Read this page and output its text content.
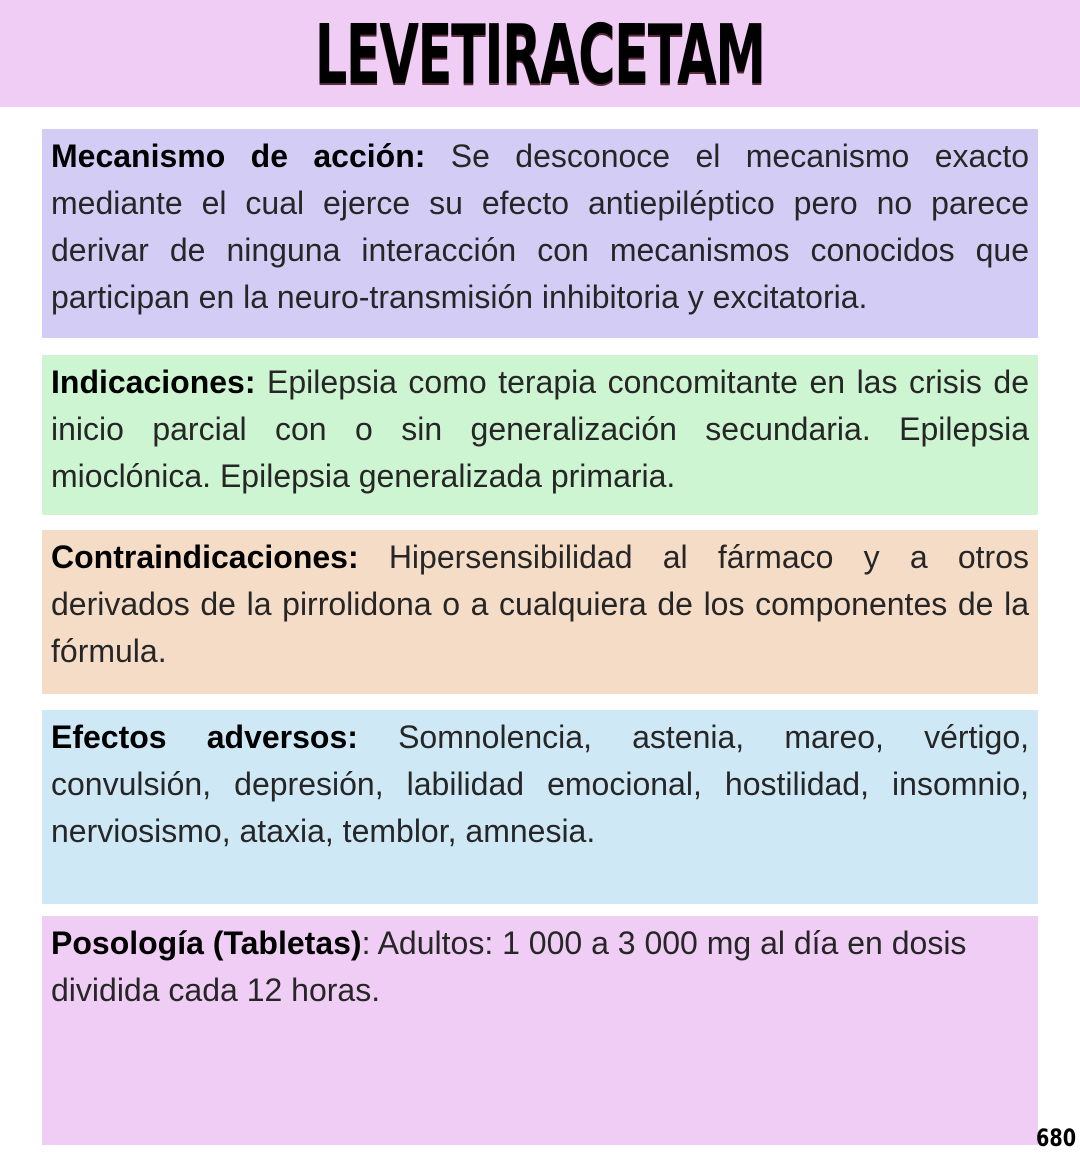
LEVETIRACETAM
Mecanismo de acción: Se desconoce el mecanismo exacto mediante el cual ejerce su efecto antiepiléptico pero no parece derivar de ninguna interacción con mecanismos conocidos que participan en la neuro-transmisión inhibitoria y excitatoria.
Indicaciones: Epilepsia como terapia concomitante en las crisis de inicio parcial con o sin generalización secundaria. Epilepsia mioclónica. Epilepsia generalizada primaria.
Contraindicaciones: Hipersensibilidad al fármaco y a otros derivados de la pirrolidona o a cualquiera de los componentes de la fórmula.
Efectos adversos: Somnolencia, astenia, mareo, vértigo, convulsión, depresión, labilidad emocional, hostilidad, insomnio, nerviosismo, ataxia, temblor, amnesia.
Posología (Tabletas): Adultos: 1 000 a 3 000 mg al día en dosis dividida cada 12 horas.
680
